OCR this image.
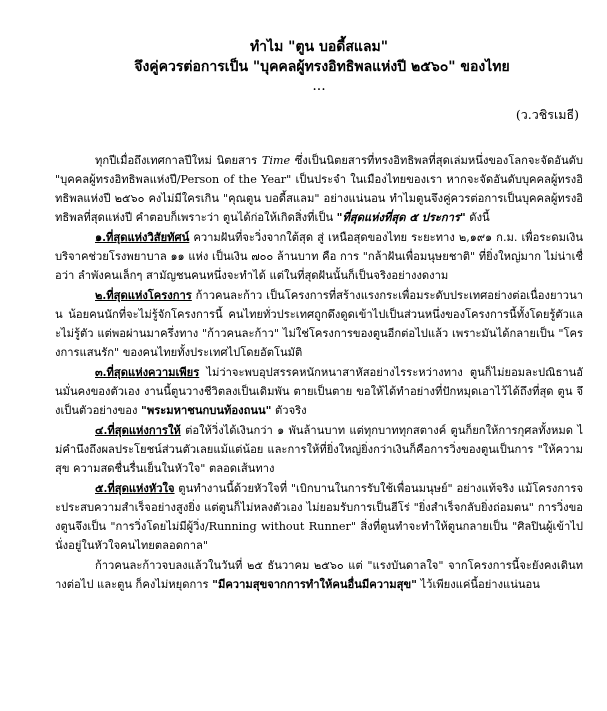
ทำไม "ตูน บอดี้สแลม"
จึงคู่ควรต่อการเป็น "บุคคลผู้ทรงอิทธิพลแห่งปี ๒๕๖๐" ของไทย
...
(ว.วชิรเมธี)

ทุกปีเมื่อถึงเทศกาลปีใหม่ นิตยสาร Time ซึ่งเป็นนิตยสารที่ทรงอิทธิพลที่สุดเล่มหนึ่งของโลกจะจัดอันดับ "บุคคลผู้ทรงอิทธิพลแห่งปี/Person of the Year" เป็นประจำ ในเมืองไทยของเรา หากจะจัดอันดับบุคคลผู้ทรงอิทธิพลแห่งปี ๒๕๖๐ คงไม่มีใครเกิน "คุณตูน บอดี้สแลม" อย่างแน่นอน ทำไมตูนจึงคู่ควรต่อการเป็นบุคคลผู้ทรงอิทธิพลที่สุดแห่งปี คำตอบก็เพราะว่า ตูนได้ก่อให้เกิดสิ่งที่เป็น "ที่สุดแห่งที่สุด ๕ ประการ" ดังนี้

๑.ที่สุดแห่งวิสัยทัศน์ ความฝันที่จะวิ่งจากใต้สุด สู่ เหนือสุดของไทย ระยะทาง ๒,๑๙๑ ก.ม. เพื่อระดมเงินบริจาคช่วยโรงพยาบาล ๑๑ แห่ง เป็นเงิน ๗๐๐ ล้านบาท คือ การ "กล้าฝันเพื่อมนุษยชาติ" ที่ยิ่งใหญ่มาก ไม่น่าเชื่อว่า ลำพังคนเล็กๆ สามัญชนคนหนึ่งจะทำได้ แต่ในที่สุดฝันนั้นก็เป็นจริงอย่างงดงาม

๒.ที่สุดแห่งโครงการ ก้าวคนละก้าว เป็นโครงการที่สร้างแรงกระเพื่อมระดับประเทศอย่างต่อเนื่องยาวนาน น้อยคนนักที่จะไม่รู้จักโครงการนี้ คนไทยทั่วประเทศถูกดึงดูดเข้าไปเป็นส่วนหนึ่งของโครงการนี้ทั้งโดยรู้ตัวและไม่รู้ตัว แต่พอผ่านมาครึ่งทาง "ก้าวคนละก้าว" ไม่ใช่โครงการของตูนอีกต่อไปแล้ว เพราะมันได้กลายเป็น "โครงการแสนรัก" ของคนไทยทั้งประเทศไปโดยอัตโนมัติ

๓.ที่สุดแห่งความเพียร ไม่ว่าจะพบอุปสรรคหนักหนาสาหัสอย่างไรระหว่างทาง ตูนก็ไม่ยอมละปณิธานอันมั่นคงของตัวเอง งานนี้ตูนวางชีวิตลงเป็นเดิมพัน ตายเป็นตาย ขอให้ได้ทำอย่างที่ปักหมุดเอาไว้ได้ถึงที่สุด ตูน จึงเป็นตัวอย่างของ "พระมหาชนกบนท้องถนน" ตัวจริง

๔.ที่สุดแห่งการให้ ต่อให้วิ่งได้เงินกว่า ๑ พันล้านบาท แต่ทุกบาททุกสตางค์ ตูนก็ยกให้การกุศลทั้งหมด ไม่คำนึงถึงผลประโยชน์ส่วนตัวเลยแม้แต่น้อย และการให้ที่ยิ่งใหญ่ยิ่งกว่าเงินก็คือการวิ่งของตูนเป็นการ "ให้ความสุข ความสดชื่นรื่นเย็นในหัวใจ" ตลอดเส้นทาง

๕.ที่สุดแห่งหัวใจ ตูนทำงานนี้ด้วยหัวใจที่ "เบิกบานในการรับใช้เพื่อนมนุษย์" อย่างแท้จริง แม้โครงการจะประสบความสำเร็จอย่างสูงยิ่ง แต่ตูนก็ไม่หลงตัวเอง ไม่ยอมรับการเป็นฮีโร่ "ยิ่งสำเร็จกลับยิ่งถ่อมตน" การวิ่งของตูนจึงเป็น "การวิ่งโดยไม่มีผู้วิ่ง/Running without Runner" สิ่งที่ตูนทำจะทำให้ตูนกลายเป็น "ศิลปินผู้เข้าไปนั่งอยู่ในหัวใจคนไทยตลอดกาล"

ก้าวคนละก้าวจบลงแล้วในวันที่ ๒๕ ธันวาคม ๒๕๖๐ แต่ "แรงบันดาลใจ" จากโครงการนี้จะยังคงเดินทางต่อไป และตูน ก็คงไม่หยุดการ "มีความสุขจากการทำให้คนอื่นมีความสุข" ไว้เพียงแค่นี้อย่างแน่นอน
